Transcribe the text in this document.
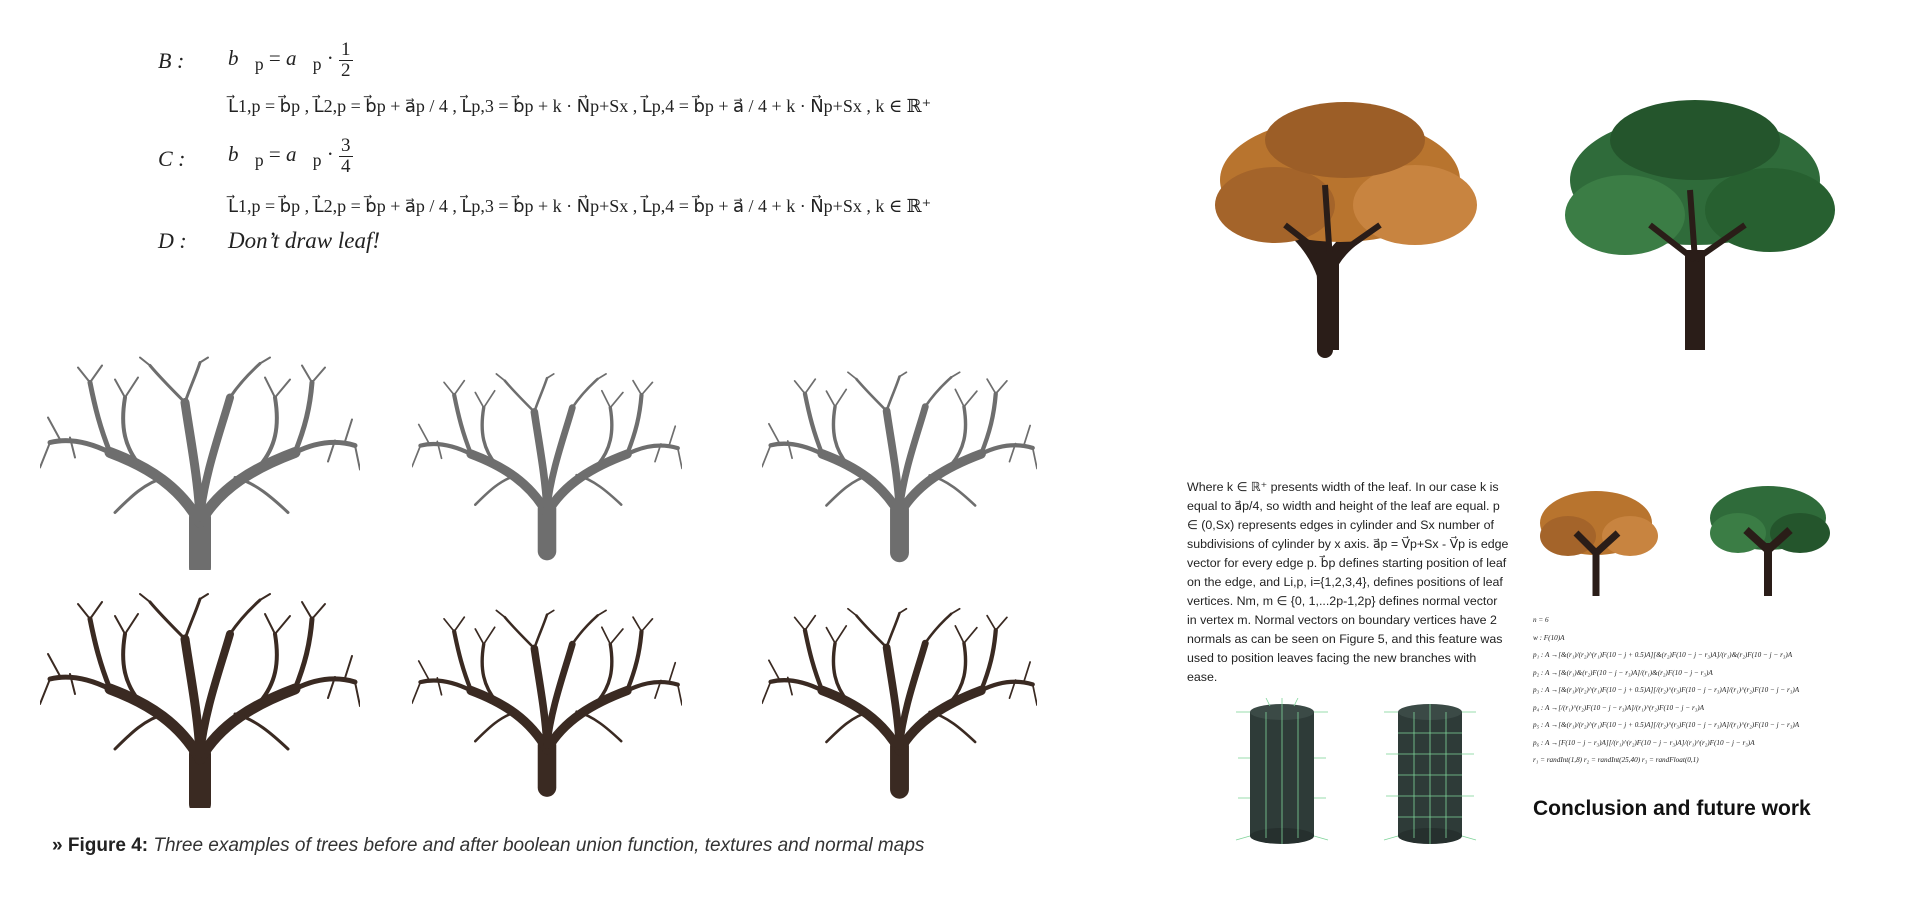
B : $b⃗_p$ = $a⃗_p \cdot \frac{1}{2}$
L⃗1,p = b⃗p , L⃗2,p = b⃗p + a⃗p / 4 , L⃗p,3 = b⃗p + k · N⃗p+Sx , L⃗p,4 = b⃗p + a⃗ / 4 + k · N⃗p+Sx , k ∈ ℝ⁺
C : $b⃗_p$ = $a⃗_p \cdot \frac{3}{4}$
L⃗1,p = b⃗p , L⃗2,p = b⃗p + a⃗p / 4 , L⃗p,3 = b⃗p + k · N⃗p+Sx , L⃗p,4 = b⃗p + a⃗ / 4 + k · N⃗p+Sx , k ∈ ℝ⁺
D : Don’t draw leaf!
» Figure 4: Three examples of trees before and after boolean union function, textures and normal maps
Where k ∈ ℝ⁺ presents width of the leaf. In our case k is equal to a⃗p/4, so width and height of the leaf are equal. p ∈ (0,Sx) represents edges in cylinder and Sx number of subdivisions of cylinder by x axis. a⃗p = V⃗p+Sx - V⃗p is edge vector for every edge p. b⃗p defines starting position of leaf on the edge, and Li,p, i={1,2,3,4}, defines positions of leaf vertices. Nm, m ∈ {0, 1,...2p-1,2p} defines normal vector in vertex m. Normal vectors on boundary vertices have 2 normals as can be seen on Figure 5, and this feature was used to position leaves facing the new branches with ease.
n = 6
w : F(10)A
p₁ : A →[&(r₁)/(r₂)^(r₁)F(10 − j + 0.5)A][&(r₂)F(10 − j − r₃)A]/(r₁)&(r₂)F(10 − j − r₃)A
p₂ : A →[&(r₁)&(r₂)F(10 − j − r₃)A]/(r₁)&(r₂)F(10 − j − r₃)A
p₃ : A →[&(r₁)/(r₂)^(r₁)F(10 − j + 0.5)A][/(r₂)^(r₃)F(10 − j − r₃)A]/(r₁)^(r₂)F(10 − j − r₃)A
p₄ : A →[/(r₁)^(r₂)F(10 − j − r₃)A]/(r₁)^(r₂)F(10 − j − r₃)A
p₅ : A →[&(r₁)/(r₂)^(r₁)F(10 − j + 0.5)A][/(r₂)^(r₃)F(10 − j − r₃)A]/(r₁)^(r₂)F(10 − j − r₃)A
p₆ : A →[F(10 − j − r₃)A][/(r₁)^(r₂)F(10 − j − r₃)A]/(r₁)^(r₂)F(10 − j − r₃)A
r₁ = randInt(1,8) r₂ = randInt(25,40) r₃ = randFloat(0,1)
Conclusion and future work
